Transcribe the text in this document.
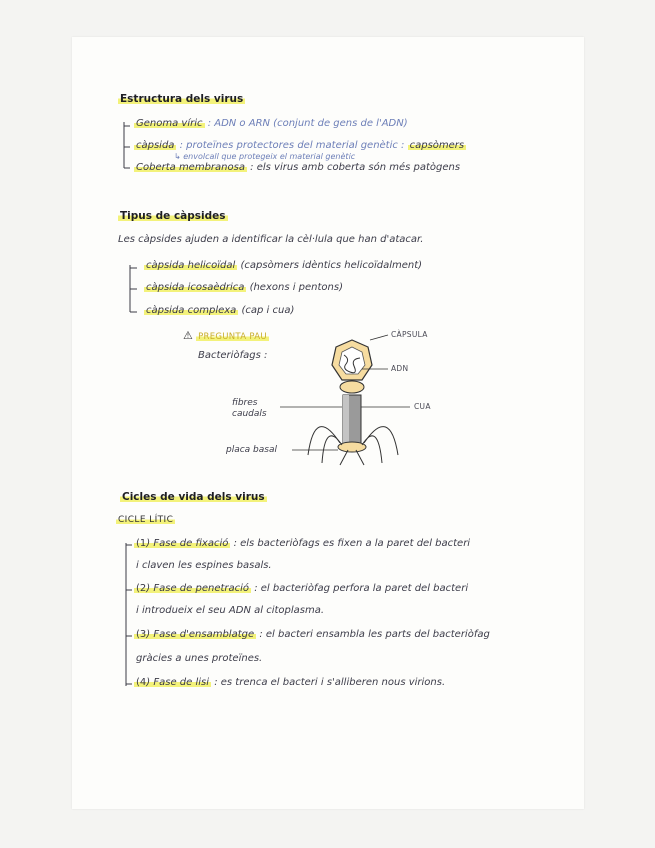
Estructura dels virus
Genoma víric : ADN o ARN (conjunt de gens de l'ADN)
càpsida : proteïnes protectores del material genètic : capsòmers
↳ envolcall que protegeix el material genètic
Coberta membranosa : els virus amb coberta són més patògens
Tipus de càpsides
Les càpsides ajuden a identificar la cèl·lula que han d'atacar.
càpsida helicoïdal (capsòmers idèntics helicoïdalment)
càpsida icosaèdrica (hexons i pentons)
càpsida complexa (cap i cua)
⚠ PREGUNTA PAU
Bacteriòfags :
CÀPSULA
ADN
CUA
fibres caudals
placa basal
Cicles de vida dels virus
CICLE LÍTIC
(1) Fase de fixació : els bacteriòfags es fixen a la paret del bacteri
i claven les espines basals.
(2) Fase de penetració : el bacteriòfag perfora la paret del bacteri
i introdueix el seu ADN al citoplasma.
(3) Fase d'ensamblatge : el bacteri ensambla les parts del bacteriòfag
gràcies a unes proteïnes.
(4) Fase de lisi : es trenca el bacteri i s'alliberen nous virions.
